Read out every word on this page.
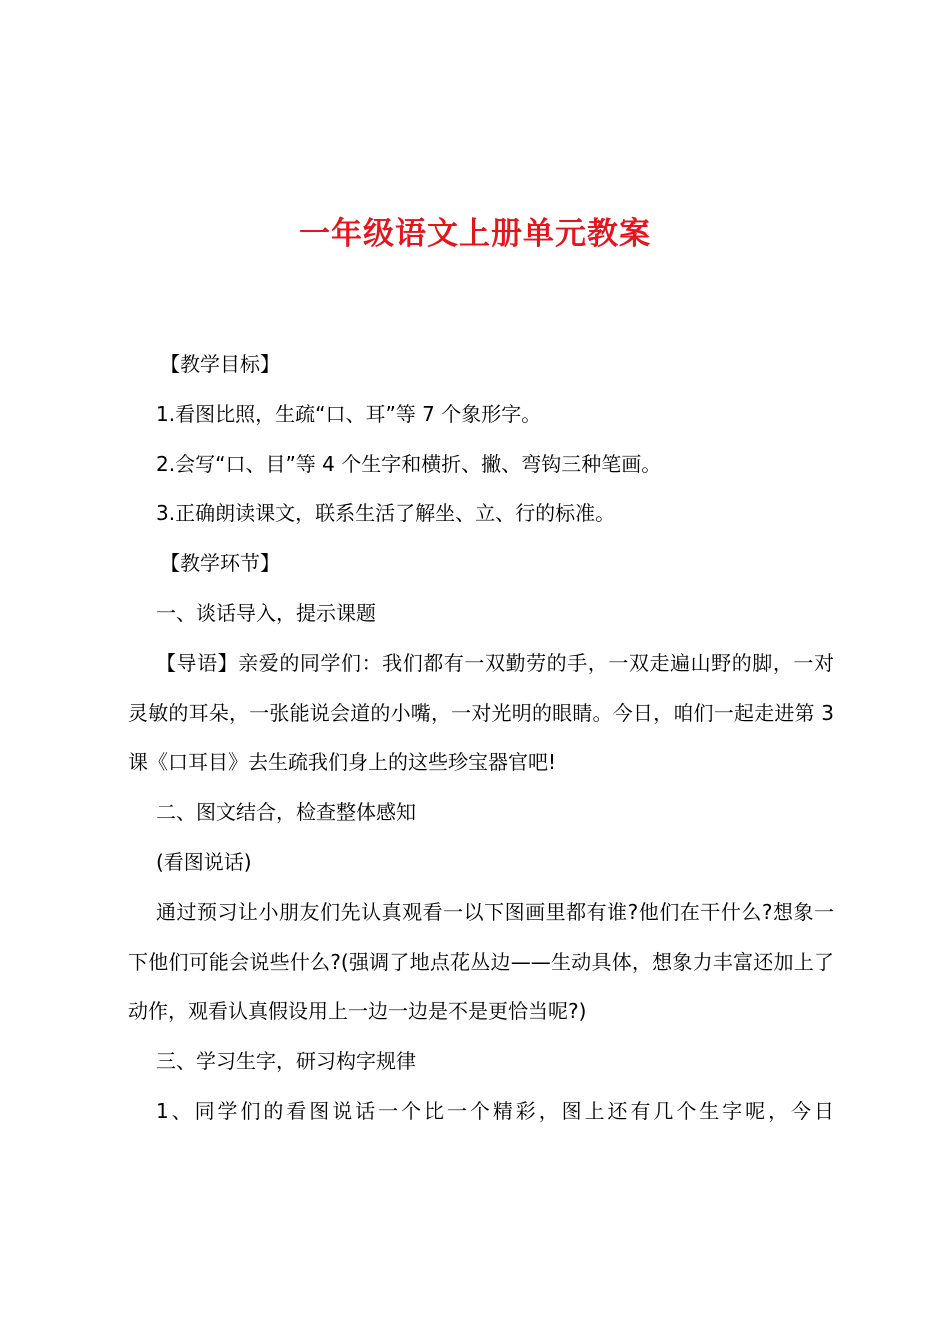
一年级语文上册单元教案

【教学目标】

1.看图比照，生疏“口、耳”等 7 个象形字。

2.会写“口、目”等 4 个生字和横折、撇、弯钩三种笔画。

3.正确朗读课文，联系生活了解坐、立、行的标准。

【教学环节】

一、谈话导入，提示课题

【导语】亲爱的同学们：我们都有一双勤劳的手，一双走遍山野的脚，一对灵敏的耳朵，一张能说会道的小嘴，一对光明的眼睛。今日，咱们一起走进第 3 课《口耳目》去生疏我们身上的这些珍宝器官吧!

二、图文结合，检查整体感知

(看图说话)

通过预习让小朋友们先认真观看一以下图画里都有谁?他们在干什么?想象一下他们可能会说些什么?(强调了地点花丛边——生动具体，想象力丰富还加上了动作，观看认真假设用上一边一边是不是更恰当呢?)

三、学习生字，研习构字规律

1、同学们的看图说话一个比一个精彩，图上还有几个生字呢，今日
